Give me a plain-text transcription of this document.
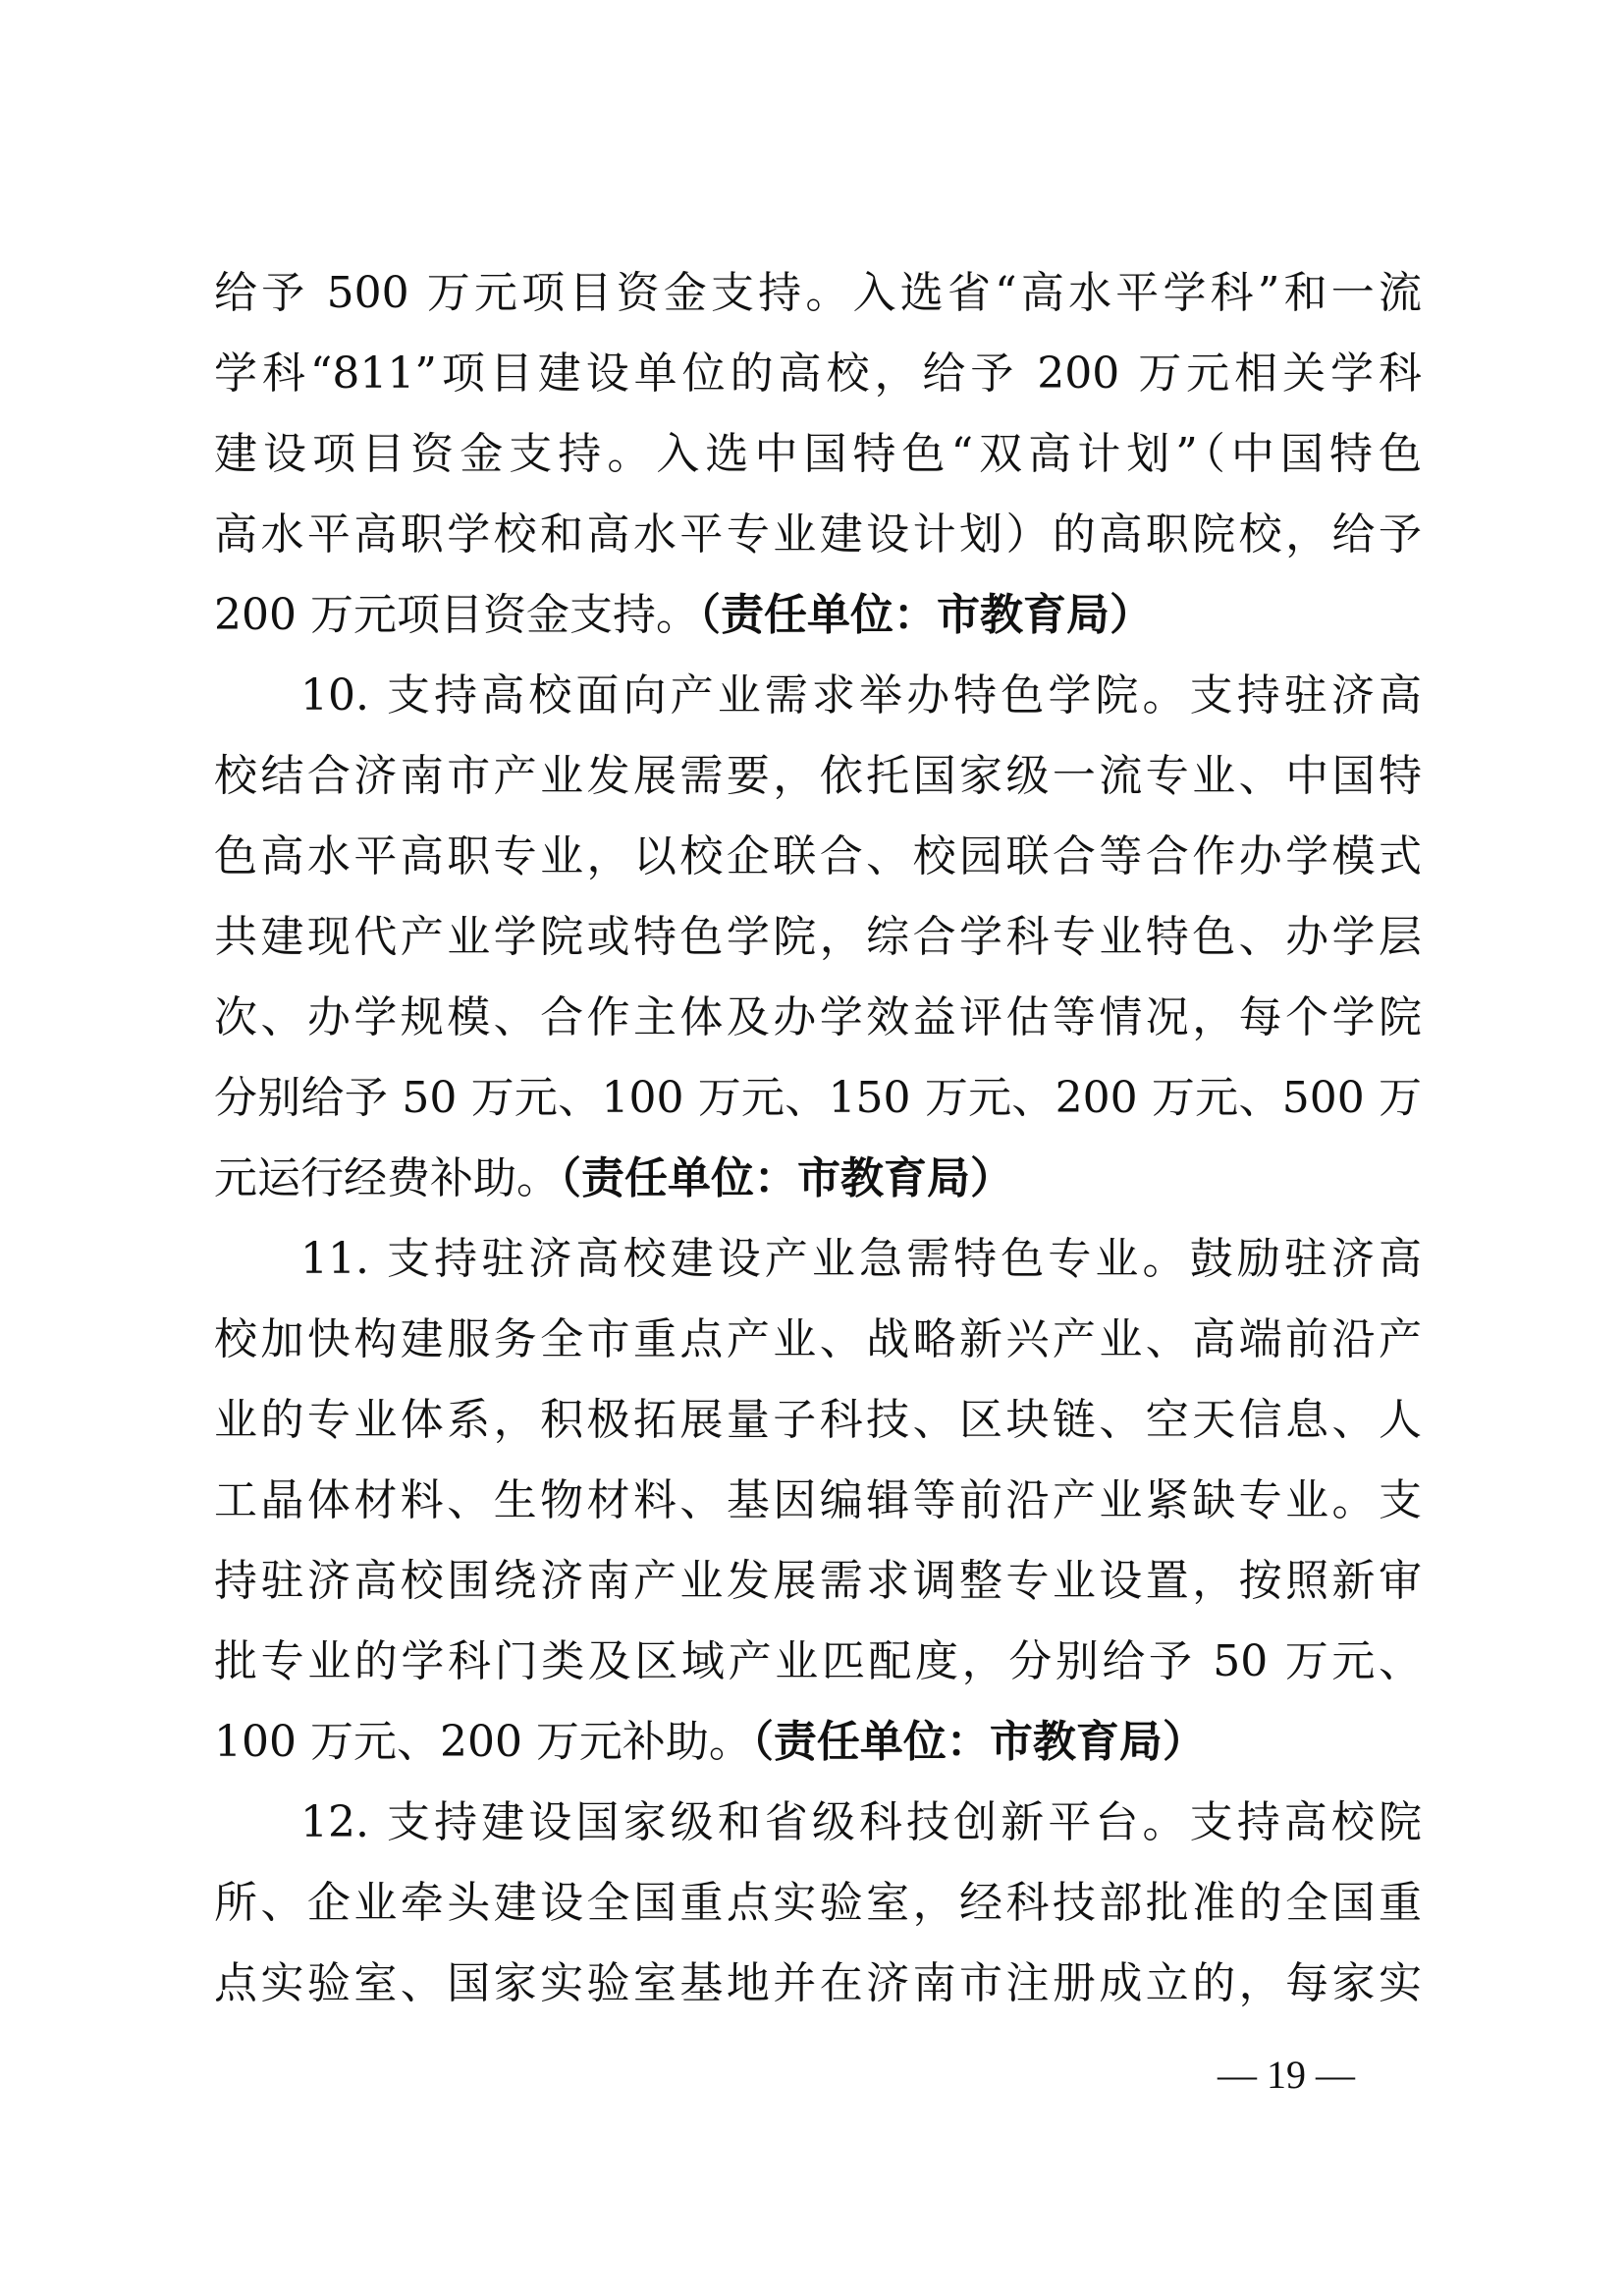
给予 500 万元项目资金支持。入选省“高水平学科”和一流
学科“811”项目建设单位的高校，给予 200 万元相关学科
建设项目资金支持。入选中国特色“双高计划”（中国特色
高水平高职学校和高水平专业建设计划）的高职院校，给予
200 万元项目资金支持。（责任单位：市教育局）
10. 支持高校面向产业需求举办特色学院。支持驻济高
校结合济南市产业发展需要，依托国家级一流专业、中国特
色高水平高职专业，以校企联合、校园联合等合作办学模式
共建现代产业学院或特色学院，综合学科专业特色、办学层
次、办学规模、合作主体及办学效益评估等情况，每个学院
分别给予 50 万元、100 万元、150 万元、200 万元、500 万
元运行经费补助。（责任单位：市教育局）
11. 支持驻济高校建设产业急需特色专业。鼓励驻济高
校加快构建服务全市重点产业、战略新兴产业、高端前沿产
业的专业体系，积极拓展量子科技、区块链、空天信息、人
工晶体材料、生物材料、基因编辑等前沿产业紧缺专业。支
持驻济高校围绕济南产业发展需求调整专业设置，按照新审
批专业的学科门类及区域产业匹配度，分别给予 50 万元、
100 万元、200 万元补助。（责任单位：市教育局）
12. 支持建设国家级和省级科技创新平台。支持高校院
所、企业牵头建设全国重点实验室，经科技部批准的全国重
点实验室、国家实验室基地并在济南市注册成立的，每家实
— 19 —
